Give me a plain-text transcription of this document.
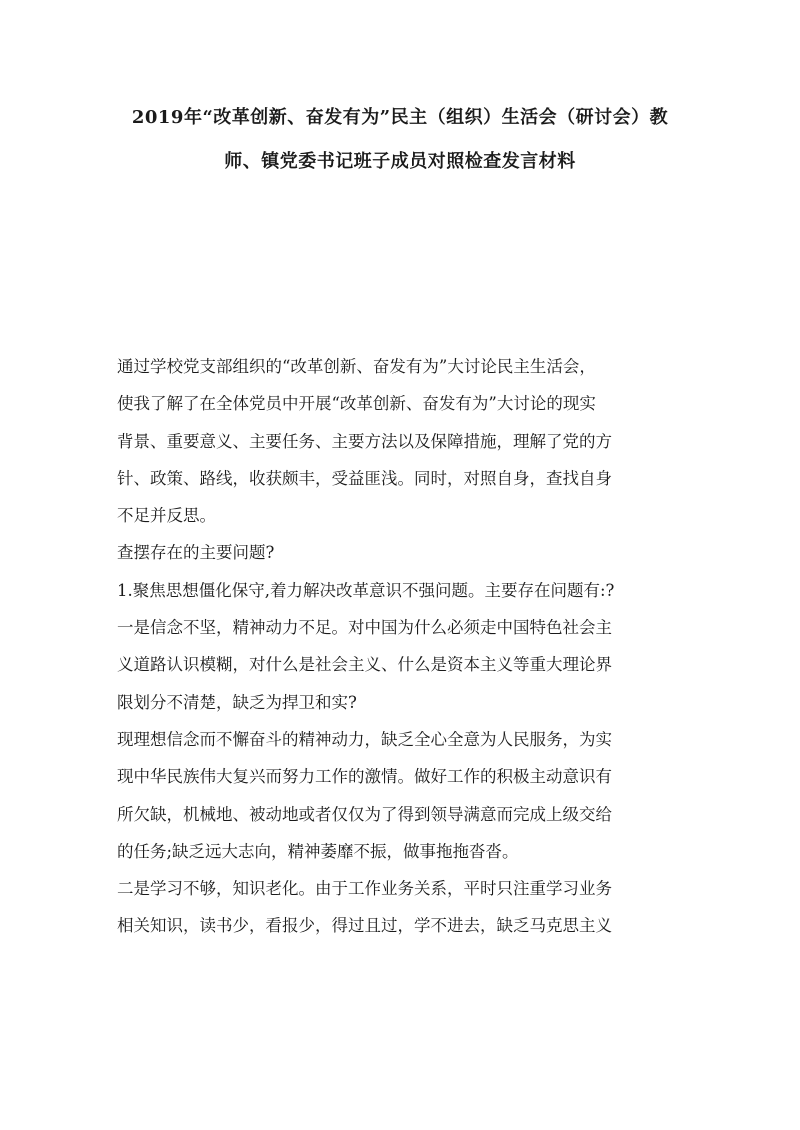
2019年“改革创新、奋发有为”民主（组织）生活会（研讨会）教
师、镇党委书记班子成员对照检查发言材料
通过学校党支部组织的“改革创新、奋发有为”大讨论民主生活会，
使我了解了在全体党员中开展“改革创新、奋发有为”大讨论的现实
背景、重要意义、主要任务、主要方法以及保障措施，理解了党的方
针、政策、路线，收获颇丰，受益匪浅。同时，对照自身，查找自身
不足并反思。
查摆存在的主要问题?
1.聚焦思想僵化保守,着力解决改革意识不强问题。主要存在问题有:?
一是信念不坚，精神动力不足。对中国为什么必须走中国特色社会主
义道路认识模糊，对什么是社会主义、什么是资本主义等重大理论界
限划分不清楚，缺乏为捍卫和实?
现理想信念而不懈奋斗的精神动力，缺乏全心全意为人民服务，为实
现中华民族伟大复兴而努力工作的激情。做好工作的积极主动意识有
所欠缺，机械地、被动地或者仅仅为了得到领导满意而完成上级交给
的任务;缺乏远大志向，精神萎靡不振，做事拖拖沓沓。
二是学习不够，知识老化。由于工作业务关系，平时只注重学习业务
相关知识，读书少，看报少，得过且过，学不进去，缺乏马克思主义
